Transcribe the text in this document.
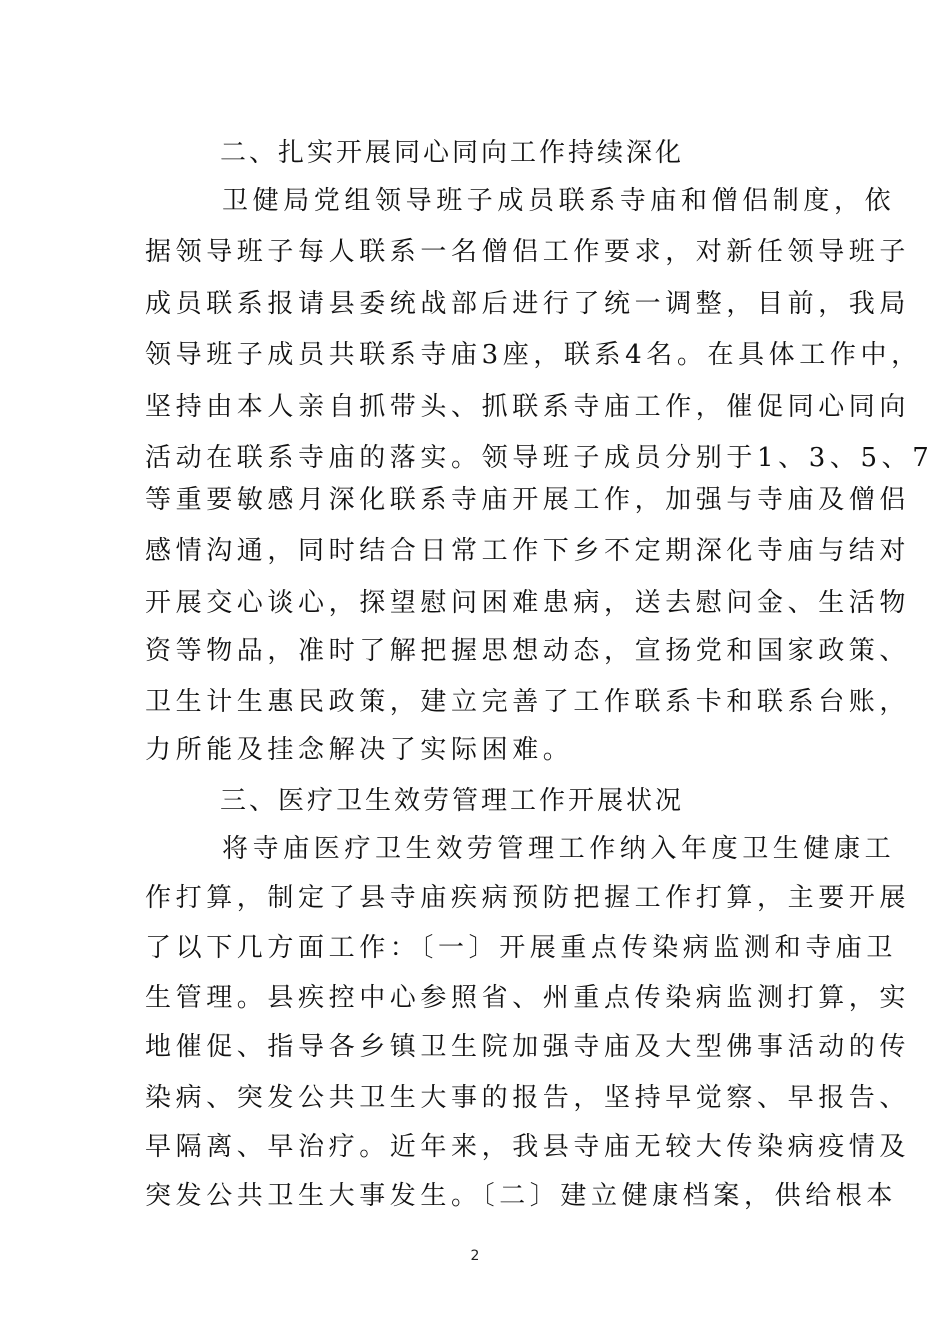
二、扎实开展同心同向工作持续深化
卫健局党组领导班子成员联系寺庙和僧侣制度，依
据领导班子每人联系一名僧侣工作要求，对新任领导班子
成员联系报请县委统战部后进行了统一调整，目前，我局
领导班子成员共联系寺庙3座，联系4名。在具体工作中，
坚持由本人亲自抓带头、抓联系寺庙工作，催促同心同向
活动在联系寺庙的落实。领导班子成员分别于1、3、5、7
等重要敏感月深化联系寺庙开展工作，加强与寺庙及僧侣
感情沟通，同时结合日常工作下乡不定期深化寺庙与结对
开展交心谈心，探望慰问困难患病，送去慰问金、生活物
资等物品，准时了解把握思想动态，宣扬党和国家政策、
卫生计生惠民政策，建立完善了工作联系卡和联系台账，
力所能及挂念解决了实际困难。
三、医疗卫生效劳管理工作开展状况
将寺庙医疗卫生效劳管理工作纳入年度卫生健康工
作打算，制定了县寺庙疾病预防把握工作打算，主要开展
了以下几方面工作：〔一〕开展重点传染病监测和寺庙卫
生管理。县疾控中心参照省、州重点传染病监测打算，实
地催促、指导各乡镇卫生院加强寺庙及大型佛事活动的传
染病、突发公共卫生大事的报告，坚持早觉察、早报告、
早隔离、早治疗。近年来，我县寺庙无较大传染病疫情及
突发公共卫生大事发生。〔二〕建立健康档案，供给根本
2
